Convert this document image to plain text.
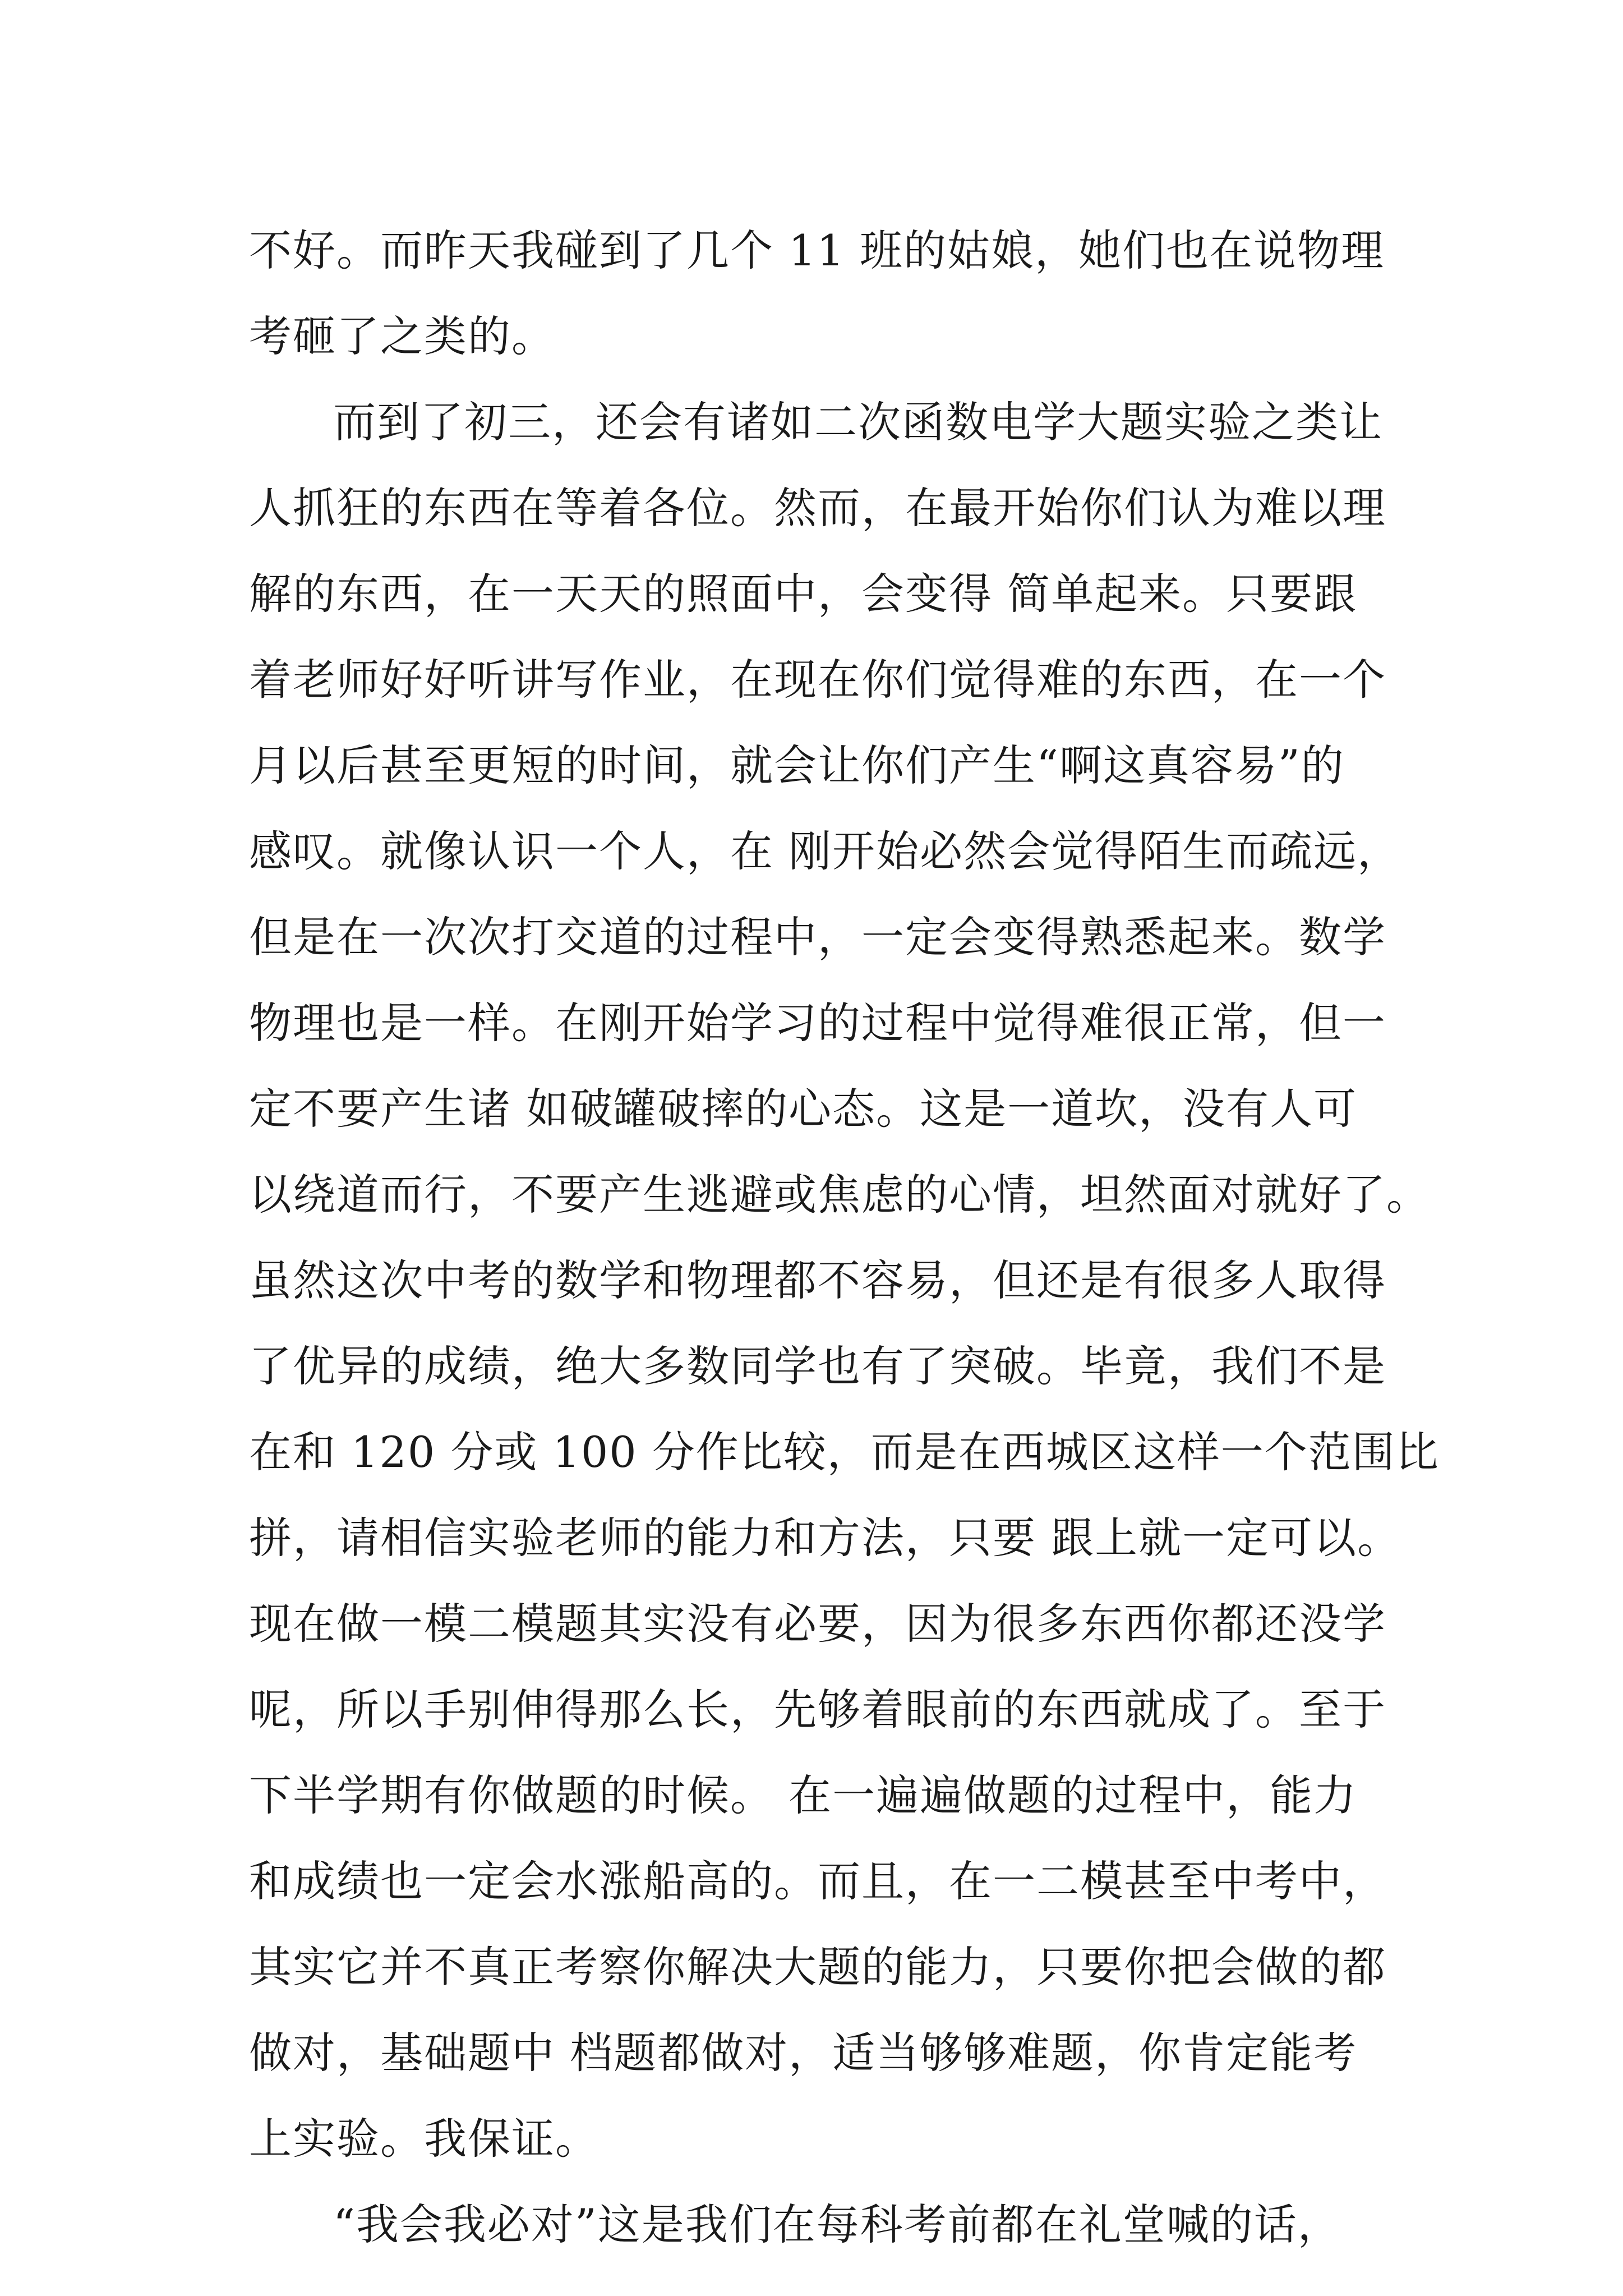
不好。而昨天我碰到了几个 11 班的姑娘，她们也在说物理
考砸了之类的。
而到了初三，还会有诸如二次函数电学大题实验之类让
人抓狂的东西在等着各位。然而，在最开始你们认为难以理
解的东西，在一天天的照面中，会变得 简单起来。只要跟
着老师好好听讲写作业，在现在你们觉得难的东西，在一个
月以后甚至更短的时间，就会让你们产生“啊这真容易”的
感叹。就像认识一个人，在 刚开始必然会觉得陌生而疏远，
但是在一次次打交道的过程中，一定会变得熟悉起来。数学
物理也是一样。在刚开始学习的过程中觉得难很正常，但一
定不要产生诸 如破罐破摔的心态。这是一道坎，没有人可
以绕道而行，不要产生逃避或焦虑的心情，坦然面对就好了。
虽然这次中考的数学和物理都不容易，但还是有很多人取得
了优异的成绩，绝大多数同学也有了突破。毕竟，我们不是
在和 120 分或 100 分作比较，而是在西城区这样一个范围比
拼，请相信实验老师的能力和方法，只要 跟上就一定可以。
现在做一模二模题其实没有必要，因为很多东西你都还没学
呢，所以手别伸得那么长，先够着眼前的东西就成了。至于
下半学期有你做题的时候。 在一遍遍做题的过程中，能力
和成绩也一定会水涨船高的。而且，在一二模甚至中考中，
其实它并不真正考察你解决大题的能力，只要你把会做的都
做对，基础题中 档题都做对，适当够够难题，你肯定能考
上实验。我保证。
“我会我必对”这是我们在每科考前都在礼堂喊的话，
